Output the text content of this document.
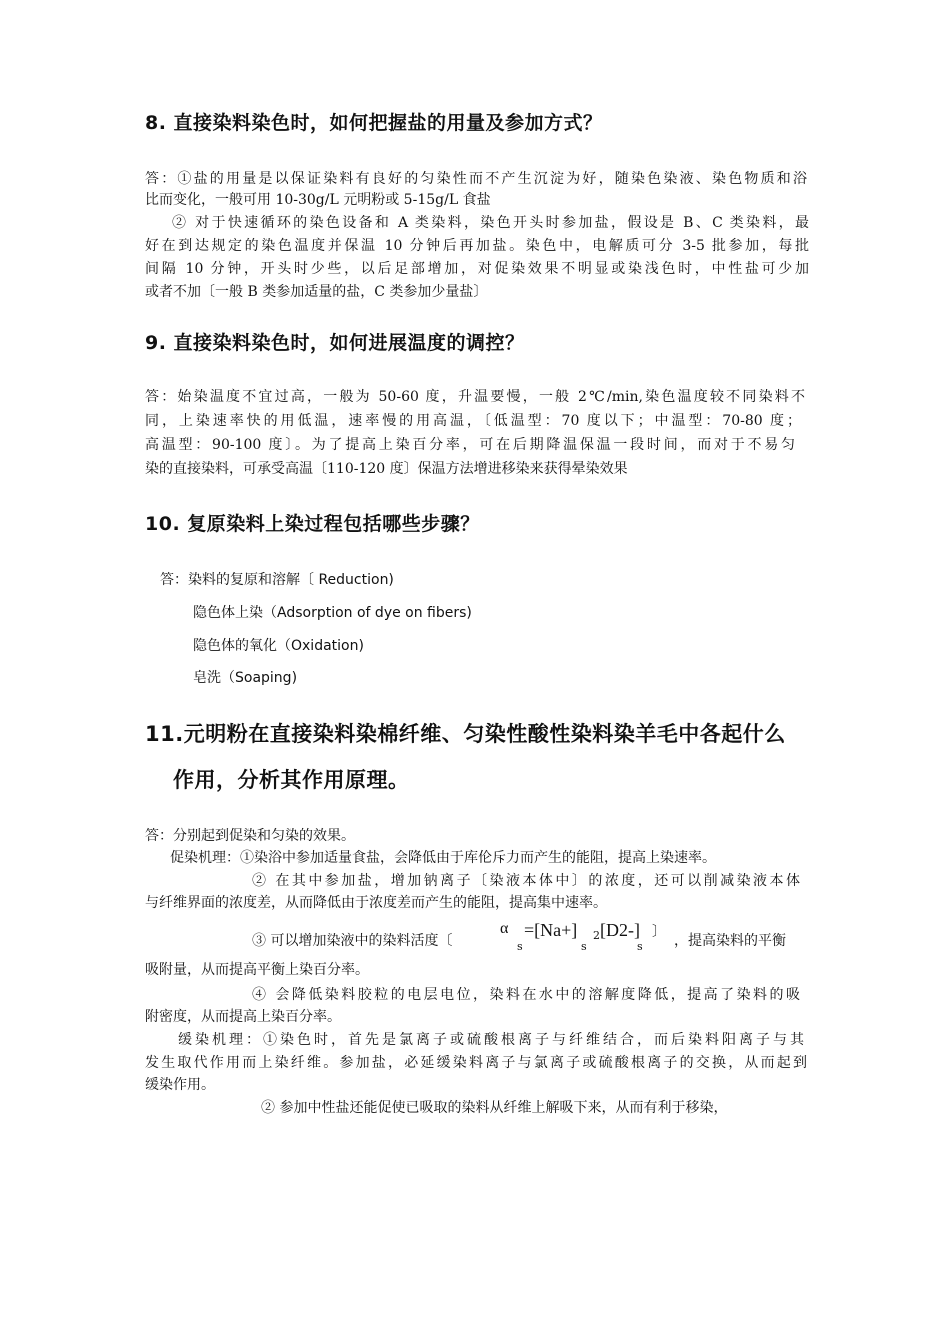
8. 直接染料染色时，如何把握盐的用量及参加方式？
答：①盐的用量是以保证染料有良好的匀染性而不产生沉淀为好，随染色染液、染色物质和浴
比而变化，一般可用 10-30g/L 元明粉或 5-15g/L 食盐
② 对于快速循环的染色设备和 A 类染料，染色开头时参加盐，假设是 B、C 类染料，最
好在到达规定的染色温度并保温 10 分钟后再加盐。染色中，电解质可分 3-5 批参加，每批
间隔 10 分钟，开头时少些，以后足部增加，对促染效果不明显或染浅色时，中性盐可少加
或者不加〔一般 B 类参加适量的盐，C 类参加少量盐〕
9. 直接染料染色时，如何进展温度的调控？
答：始染温度不宜过高，一般为 50-60 度，升温要慢，一般 2℃/min,染色温度较不同染料不
同，上染速率快的用低温，速率慢的用高温，〔低温型：70 度以下；中温型：70-80 度；
高温型：90-100 度〕。为了提高上染百分率，可在后期降温保温一段时间，而对于不易匀
染的直接染料，可承受高温〔110-120 度〕保温方法增进移染来获得晕染效果
10. 复原染料上染过程包括哪些步骤？
答：染料的复原和溶解〔 Reduction)
隐色体上染（Adsorption of dye on fibers)
隐色体的氧化（Oxidation)
皂洗（Soaping)
11.元明粉在直接染料染棉纤维、匀染性酸性染料染羊毛中各起什么
作用，分析其作用原理。
答：分别起到促染和匀染的效果。
促染机理：①染浴中参加适量食盐，会降低由于库伦斥力而产生的能阻，提高上染速率。
② 在其中参加盐，增加钠离子〔染液本体中〕的浓度，还可以削减染液本体
与纤维界面的浓度差，从而降低由于浓度差而产生的能阻，提高集中速率。
③ 可以增加染液中的染料活度〔
α
s
=[Na+]
s
2 [D2-]
s
〕
，提高染料的平衡
吸附量，从而提高平衡上染百分率。
④ 会降低染料胶粒的电层电位，染料在水中的溶解度降低，提高了染料的吸
附密度，从而提高上染百分率。
缓染机理：①染色时，首先是氯离子或硫酸根离子与纤维结合，而后染料阳离子与其
发生取代作用而上染纤维。参加盐，必延缓染料离子与氯离子或硫酸根离子的交换，从而起到
缓染作用。
② 参加中性盐还能促使已吸取的染料从纤维上解吸下来，从而有利于移染，
